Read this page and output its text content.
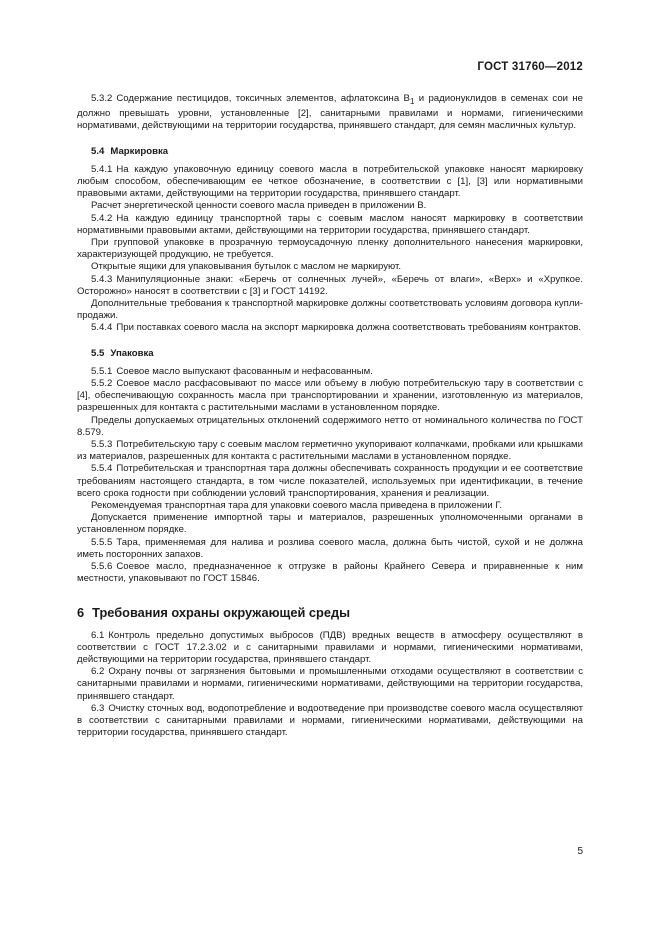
ГОСТ 31760—2012

5.3.2 Содержание пестицидов, токсичных элементов, афлатоксина $В_1$ и радионуклидов в семенах сои не должно превышать уровни, установленные [2], санитарными правилами и нормами, гигиеническими нормативами, действующими на территории государства, принявшего стандарт, для семян масличных культур.

5.4 Маркировка

5.4.1 На каждую упаковочную единицу соевого масла в потребительской упаковке наносят маркировку любым способом, обеспечивающим ее четкое обозначение, в соответствии с [1], [3] или нормативными правовыми актами, действующими на территории государства, принявшего стандарт.

Расчет энергетической ценности соевого масла приведен в приложении В.

5.4.2 На каждую единицу транспортной тары с соевым маслом наносят маркировку в соответствии нормативными правовыми актами, действующими на территории государства, принявшего стандарт.

При групповой упаковке в прозрачную термоусадочную пленку дополнительного нанесения маркировки, характеризующей продукцию, не требуется.

Открытые ящики для упаковывания бутылок с маслом не маркируют.

5.4.3 Манипуляционные знаки: «Беречь от солнечных лучей», «Беречь от влаги», «Верх» и «Хрупкое. Осторожно» наносят в соответствии с [3] и ГОСТ 14192.

Дополнительные требования к транспортной маркировке должны соответствовать условиям договора купли-продажи.

5.4.4 При поставках соевого масла на экспорт маркировка должна соответствовать требованиям контрактов.

5.5 Упаковка

5.5.1 Соевое масло выпускают фасованным и нефасованным.

5.5.2 Соевое масло расфасовывают по массе или объему в любую потребительскую тару в соответствии с [4], обеспечивающую сохранность масла при транспортировании и хранении, изготовленную из материалов, разрешенных для контакта с растительными маслами в установленном порядке.

Пределы допускаемых отрицательных отклонений содержимого нетто от номинального количества по ГОСТ 8.579.

5.5.3 Потребительскую тару с соевым маслом герметично укупоривают колпачками, пробками или крышками из материалов, разрешенных для контакта с растительными маслами в установленном порядке.

5.5.4 Потребительская и транспортная тара должны обеспечивать сохранность продукции и ее соответствие требованиям настоящего стандарта, в том числе показателей, используемых при идентификации, в течение всего срока годности при соблюдении условий транспортирования, хранения и реализации.

Рекомендуемая транспортная тара для упаковки соевого масла приведена в приложении Г.

Допускается применение импортной тары и материалов, разрешенных уполномоченными органами в установленном порядке.

5.5.5 Тара, применяемая для налива и розлива соевого масла, должна быть чистой, сухой и не должна иметь посторонних запахов.

5.5.6 Соевое масло, предназначенное к отгрузке в районы Крайнего Севера и приравненные к ним местности, упаковывают по ГОСТ 15846.

6 Требования охраны окружающей среды

6.1 Контроль предельно допустимых выбросов (ПДВ) вредных веществ в атмосферу осуществляют в соответствии с ГОСТ 17.2.3.02 и с санитарными правилами и нормами, гигиеническими нормативами, действующими на территории государства, принявшего стандарт.

6.2 Охрану почвы от загрязнения бытовыми и промышленными отходами осуществляют в соответствии с санитарными правилами и нормами, гигиеническими нормативами, действующими на территории государства, принявшего стандарт.

6.3 Очистку сточных вод, водопотребление и водоотведение при производстве соевого масла осуществляют в соответствии с санитарными правилами и нормами, гигиеническими нормативами, действующими на территории государства, принявшего стандарт.

5
